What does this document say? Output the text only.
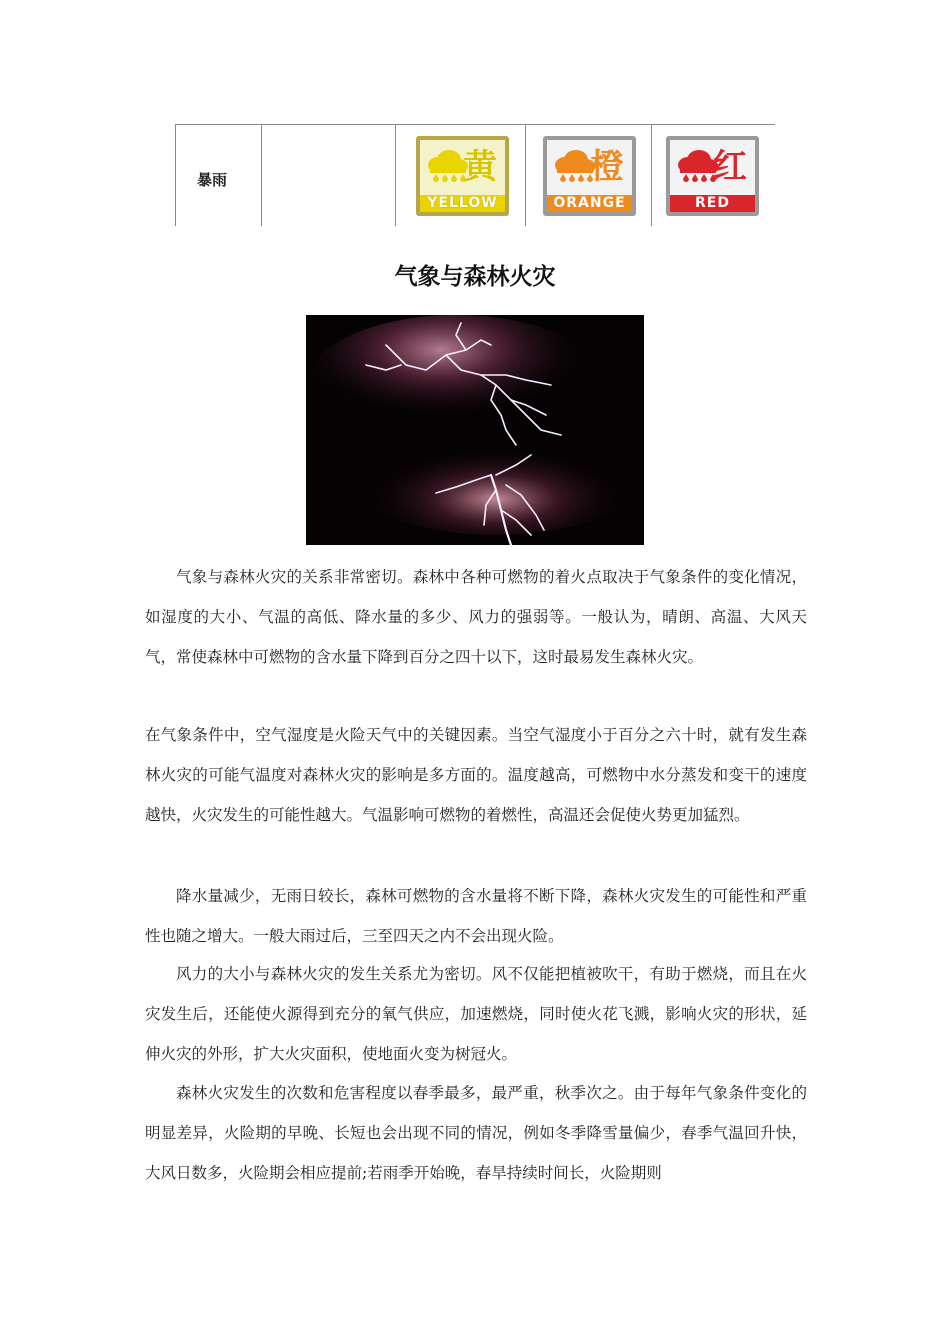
暴雨	黄
YELLOW
橙
ORANGE
红
RED
气象与森林火灾

气象与森林火灾的关系非常密切。森林中各种可燃物的着火点取决于气象条件的变化情况，如湿度的大小、气温的高低、降水量的多少、风力的强弱等。一般认为，晴朗、高温、大风天气，常使森林中可燃物的含水量下降到百分之四十以下，这时最易发生森林火灾。

在气象条件中，空气湿度是火险天气中的关键因素。当空气湿度小于百分之六十时，就有发生森林火灾的可能气温度对森林火灾的影响是多方面的。温度越高，可燃物中水分蒸发和变干的速度越快，火灾发生的可能性越大。气温影响可燃物的着燃性，高温还会促使火势更加猛烈。

降水量减少，无雨日较长，森林可燃物的含水量将不断下降，森林火灾发生的可能性和严重性也随之增大。一般大雨过后，三至四天之内不会出现火险。

风力的大小与森林火灾的发生关系尤为密切。风不仅能把植被吹干，有助于燃烧，而且在火灾发生后，还能使火源得到充分的氧气供应，加速燃烧，同时使火花飞溅，影响火灾的形状，延伸火灾的外形，扩大火灾面积，使地面火变为树冠火。

森林火灾发生的次数和危害程度以春季最多，最严重，秋季次之。由于每年气象条件变化的明显差异，火险期的早晚、长短也会出现不同的情况，例如冬季降雪量偏少，春季气温回升快，大风日数多，火险期会相应提前;若雨季开始晚，春旱持续时间长，火险期则
